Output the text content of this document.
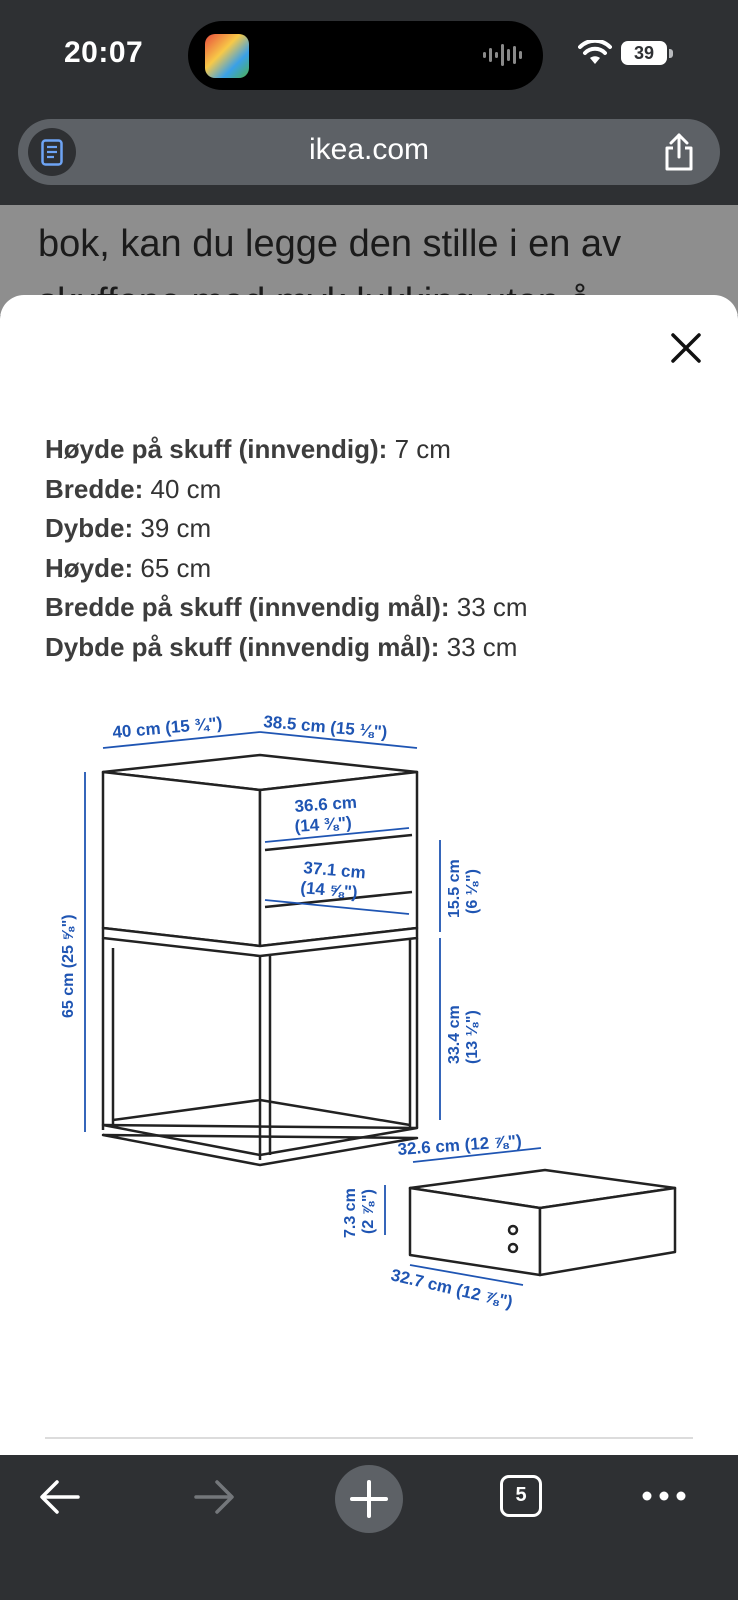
20:07	39
ikea.com
bok, kan du legge den stille i en av
Høyde på skuff (innvendig): 7 cm
Bredde: 40 cm
Dybde: 39 cm
Høyde: 65 cm
Bredde på skuff (innvendig mål): 33 cm
Dybde på skuff (innvendig mål): 33 cm
40 cm (15 ¾") 38.5 cm (15 ⅛")
36.6 cm
(14 ⅜")
37.1 cm
(14 ⅝")	15.5 cm (6 ⅛")
33.4 cm (13 ⅛")
65 cm (25 ⅝")
32.6 cm (12 ⅞")
7.3 cm (2 ⅞")
32.7 cm (12 ⅞")
5
